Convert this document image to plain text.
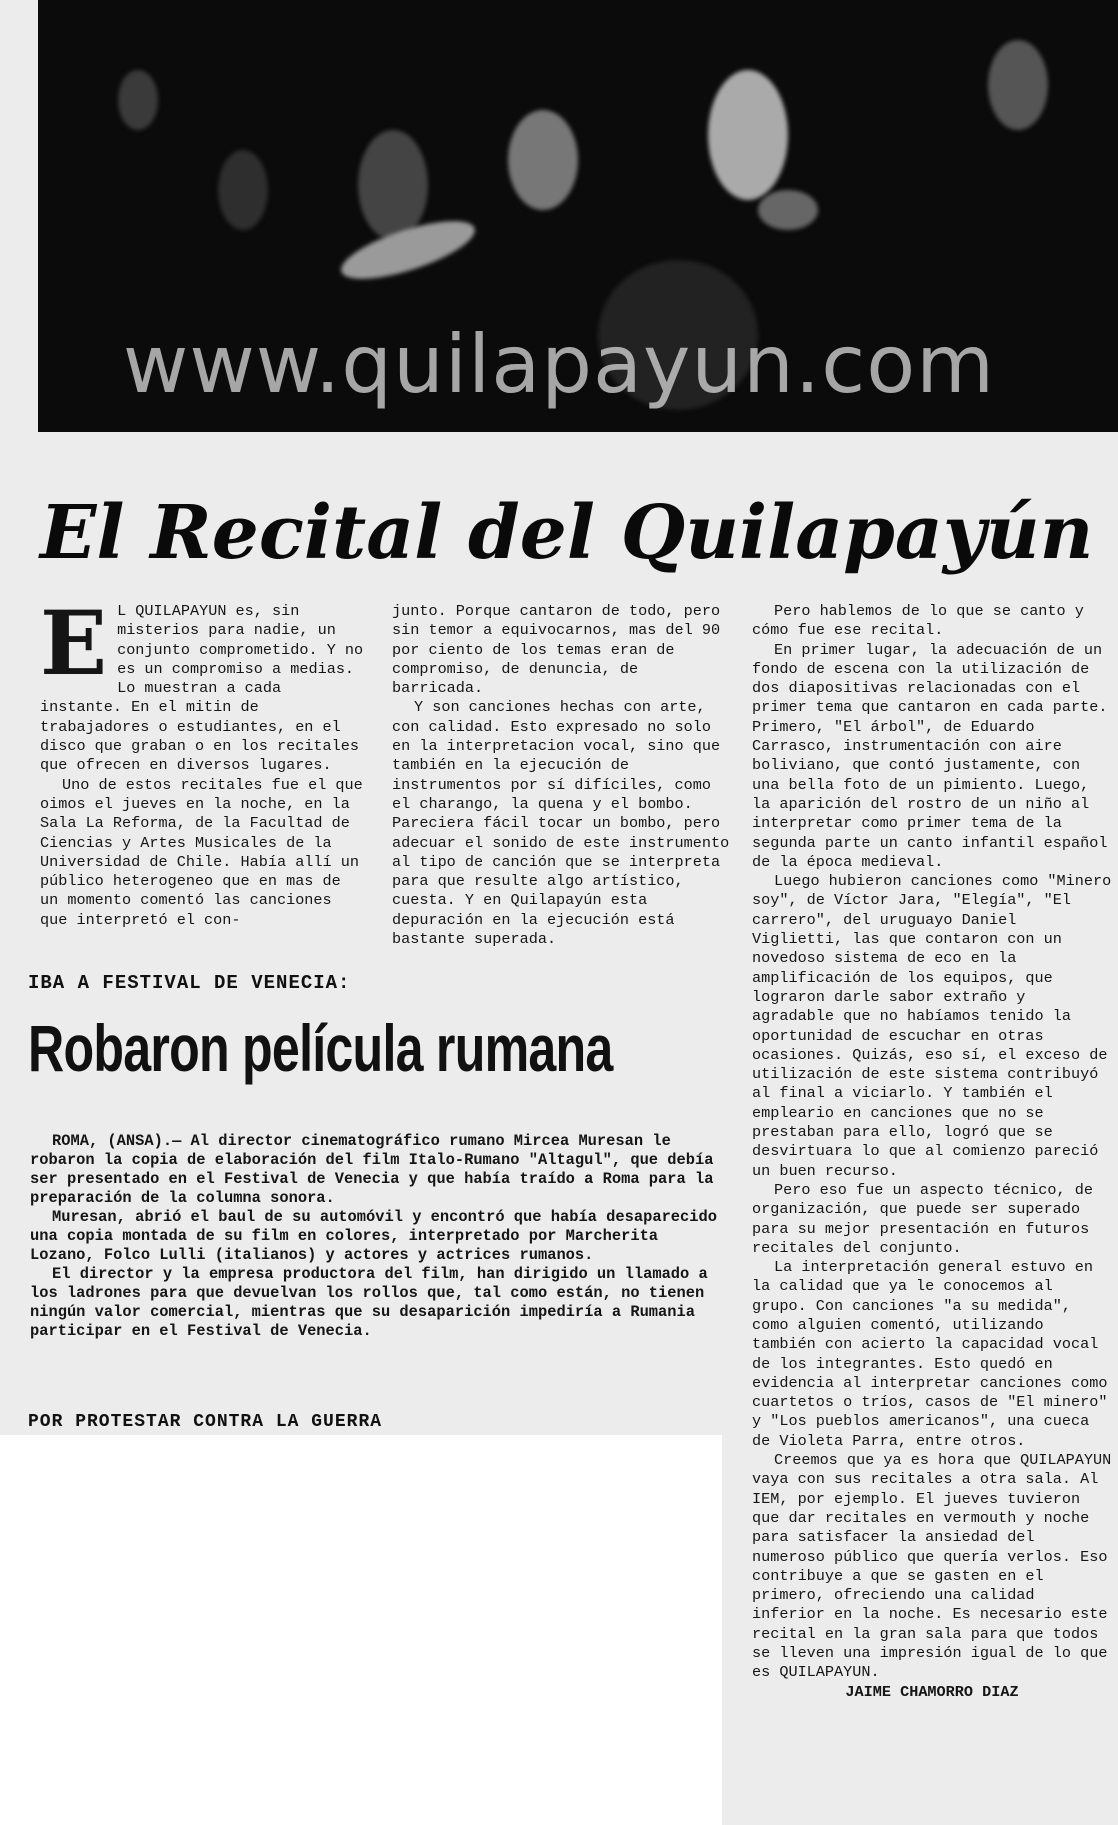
www.quilapayun.com
El Recital del Quilapayún
E L QUILAPAYUN es, sin misterios para nadie, un conjunto comprometido. Y no es un compromiso a medias. Lo muestran a cada instante. En el mitin de trabajadores o estudiantes, en el disco que graban o en los recitales que ofrecen en diversos lugares.

Uno de estos recitales fue el que oimos el jueves en la noche, en la Sala La Reforma, de la Facultad de Ciencias y Artes Musicales de la Universidad de Chile. Había allí un público heterogeneo que en mas de un momento comentó las canciones que interpretó el con-

junto. Porque cantaron de todo, pero sin temor a equivocarnos, mas del 90 por ciento de los temas eran de compromiso, de denuncia, de barricada.

Y son canciones hechas con arte, con calidad. Esto expresado no solo en la interpretacion vocal, sino que también en la ejecución de instrumentos por sí difíciles, como el charango, la quena y el bombo. Pareciera fácil tocar un bombo, pero adecuar el sonido de este instrumento al tipo de canción que se interpreta para que resulte algo artístico, cuesta. Y en Quilapayún esta depuración en la ejecución está bastante superada.

Pero hablemos de lo que se canto y cómo fue ese recital.

En primer lugar, la adecuación de un fondo de escena con la utilización de dos diapositivas relacionadas con el primer tema que cantaron en cada parte. Primero, "El árbol", de Eduardo Carrasco, instrumentación con aire boliviano, que contó justamente, con una bella foto de un pimiento. Luego, la aparición del rostro de un niño al interpretar como primer tema de la segunda parte un canto infantil español de la época medieval.

Luego hubieron canciones como "Minero soy", de Víctor Jara, "Elegía", "El carrero", del uruguayo Daniel Viglietti, las que contaron con un novedoso sistema de eco en la amplificación de los equipos, que lograron darle sabor extraño y agradable que no habíamos tenido la oportunidad de escuchar en otras ocasiones. Quizás, eso sí, el exceso de utilización de este sistema contribuyó al final a viciarlo. Y también el empleario en canciones que no se prestaban para ello, logró que se desvirtuara lo que al comienzo pareció un buen recurso.

Pero eso fue un aspecto técnico, de organización, que puede ser superado para su mejor presentación en futuros recitales del conjunto.

La interpretación general estuvo en la calidad que ya le conocemos al grupo. Con canciones "a su medida", como alguien comentó, utilizando también con acierto la capacidad vocal de los integrantes. Esto quedó en evidencia al interpretar canciones como cuartetos o tríos, casos de "El minero" y "Los pueblos americanos", una cueca de Violeta Parra, entre otros.

Creemos que ya es hora que QUILAPAYUN vaya con sus recitales a otra sala. Al IEM, por ejemplo. El jueves tuvieron que dar recitales en vermouth y noche para satisfacer la ansiedad del numeroso público que quería verlos. Eso contribuye a que se gasten en el primero, ofreciendo una calidad inferior en la noche. Es necesario este recital en la gran sala para que todos se lleven una impresión igual de lo que es QUILAPAYUN.

JAIME CHAMORRO DIAZ

IBA A FESTIVAL DE VENECIA:
Robaron película rumana

ROMA, (ANSA).— Al director cinematográfico rumano Mircea Muresan le robaron la copia de elaboración del film Italo-Rumano "Altagul", que debía ser presentado en el Festival de Venecia y que había traído a Roma para la preparación de la columna sonora.

Muresan, abrió el baul de su automóvil y encontró que había desaparecido una copia montada de su film en colores, interpretado por Marcherita Lozano, Folco Lulli (italianos) y actores y actrices rumanos.

El director y la empresa productora del film, han dirigido un llamado a los ladrones para que devuelvan los rollos que, tal como están, no tienen ningún valor comercial, mientras que su desaparición impediría a Rumania participar en el Festival de Venecia.

POR PROTESTAR CONTRA LA GUERRA
